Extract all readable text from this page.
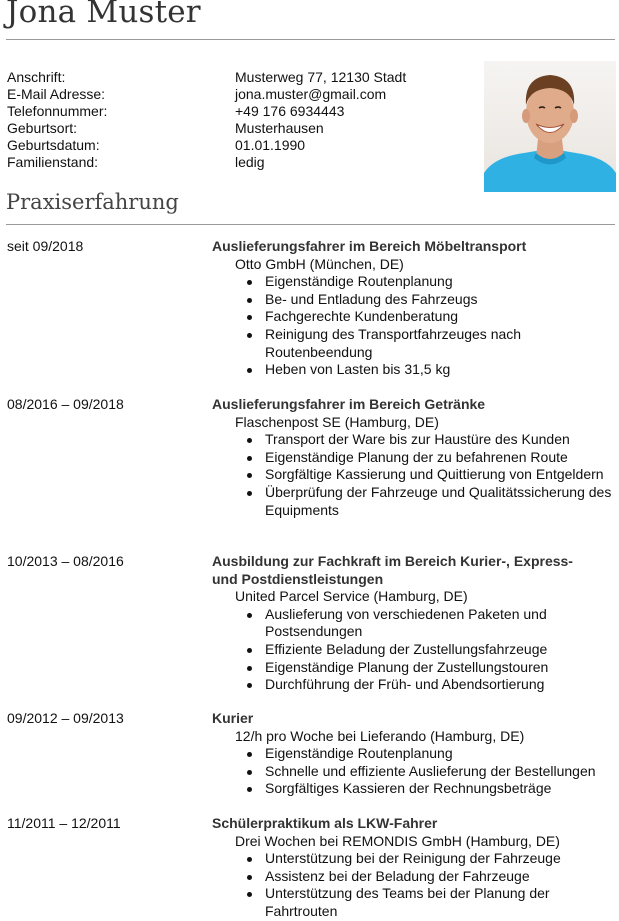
Jona Muster
Anschrift:	Musterweg 77, 12130 Stadt
E-Mail Adresse:	jona.muster@gmail.com
Telefonnummer:	+49 176 6934443
Geburtsort:	Musterhausen
Geburtsdatum:	01.01.1990
Familienstand:	ledig
Praxiserfahrung
seit 09/2018	Auslieferungsfahrer im Bereich Möbeltransport
Otto GmbH (München, DE)
Eigenständige Routenplanung
Be- und Entladung des Fahrzeugs
Fachgerechte Kundenberatung
Reinigung des Transportfahrzeuges nach Routenbeendung
Heben von Lasten bis 31,5 kg
08/2016 – 09/2018	Auslieferungsfahrer im Bereich Getränke
Flaschenpost SE (Hamburg, DE)
Transport der Ware bis zur Haustüre des Kunden
Eigenständige Planung der zu befahrenen Route
Sorgfältige Kassierung und Quittierung von Entgeldern
Überprüfung der Fahrzeuge und Qualitätssicherung des Equipments
10/2013 – 08/2016	Ausbildung zur Fachkraft im Bereich Kurier-, Express- und Postdienstleistungen
United Parcel Service (Hamburg, DE)
Auslieferung von verschiedenen Paketen und Postsendungen
Effiziente Beladung der Zustellungsfahrzeuge
Eigenständige Planung der Zustellungstouren
Durchführung der Früh- und Abendsortierung
09/2012 – 09/2013	Kurier
12/h pro Woche bei Lieferando (Hamburg, DE)
Eigenständige Routenplanung
Schnelle und effiziente Auslieferung der Bestellungen
Sorgfältiges Kassieren der Rechnungsbeträge
11/2011 – 12/2011	Schülerpraktikum als LKW-Fahrer
Drei Wochen bei REMONDIS GmbH (Hamburg, DE)
Unterstützung bei der Reinigung der Fahrzeuge
Assistenz bei der Beladung der Fahrzeuge
Unterstützung des Teams bei der Planung der Fahrtrouten
